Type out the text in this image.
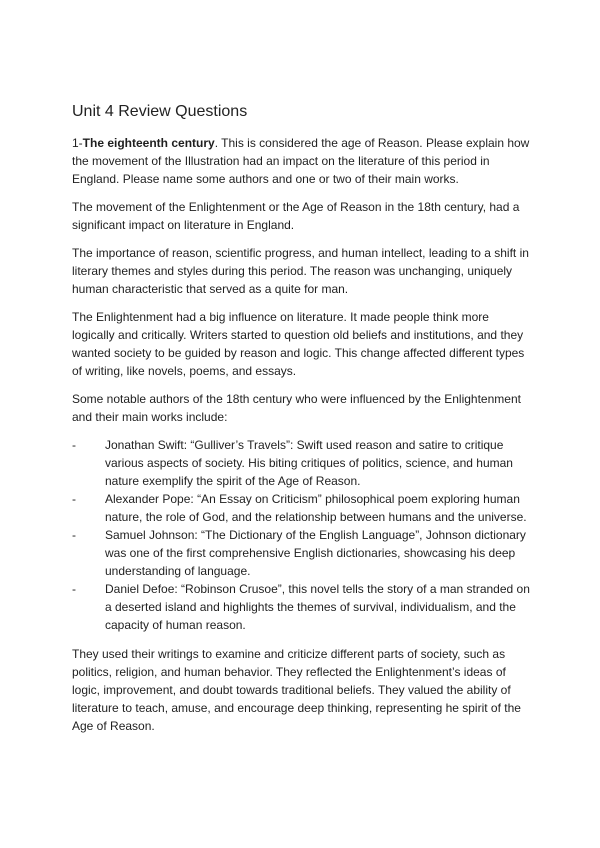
Unit 4 Review Questions

1-The eighteenth century. This is considered the age of Reason. Please explain how the movement of the Illustration had an impact on the literature of this period in England. Please name some authors and one or two of their main works.

The movement of the Enlightenment or the Age of Reason in the 18th century, had a significant impact on literature in England.

The importance of reason, scientific progress, and human intellect, leading to a shift in literary themes and styles during this period. The reason was unchanging, uniquely human characteristic that served as a quite for man.

The Enlightenment had a big influence on literature. It made people think more logically and critically. Writers started to question old beliefs and institutions, and they wanted society to be guided by reason and logic. This change affected different types of writing, like novels, poems, and essays.

Some notable authors of the 18th century who were influenced by the Enlightenment and their main works include:

- Jonathan Swift: “Gulliver’s Travels”: Swift used reason and satire to critique various aspects of society. His biting critiques of politics, science, and human nature exemplify the spirit of the Age of Reason.
- Alexander Pope: “An Essay on Criticism” philosophical poem exploring human nature, the role of God, and the relationship between humans and the universe.
- Samuel Johnson: “The Dictionary of the English Language”, Johnson dictionary was one of the first comprehensive English dictionaries, showcasing his deep understanding of language.
- Daniel Defoe: “Robinson Crusoe”, this novel tells the story of a man stranded on a deserted island and highlights the themes of survival, individualism, and the capacity of human reason.

They used their writings to examine and criticize different parts of society, such as politics, religion, and human behavior. They reflected the Enlightenment’s ideas of logic, improvement, and doubt towards traditional beliefs. They valued the ability of literature to teach, amuse, and encourage deep thinking, representing he spirit of the Age of Reason.
